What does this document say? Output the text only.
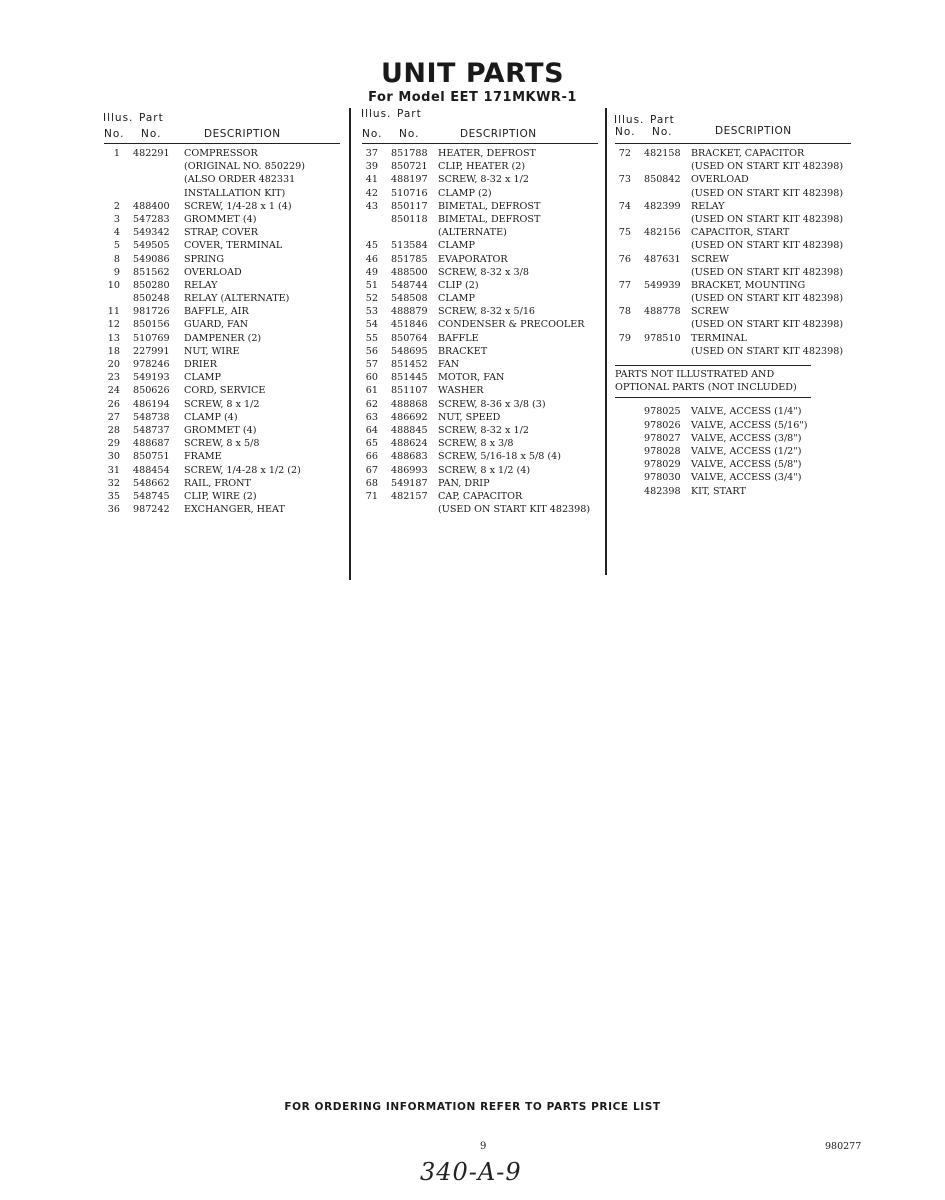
UNIT PARTS
For Model EET 171MKWR-1
Illus. Part
No. No.	DESCRIPTION
1 482291 COMPRESSOR
(ORIGINAL NO. 850229)
(ALSO ORDER 482331
INSTALLATION KIT)
2 488400 SCREW, 1/4-28 x 1 (4)
3 547283 GROMMET (4)
4 549342 STRAP, COVER
5 549505 COVER, TERMINAL
8 549086 SPRING
9 851562 OVERLOAD
10 850280 RELAY
850248 RELAY (ALTERNATE)
11 981726 BAFFLE, AIR
12 850156 GUARD, FAN
13 510769 DAMPENER (2)
18 227991 NUT, WIRE
20 978246 DRIER
23 549193 CLAMP
24 850626 CORD, SERVICE
26 486194 SCREW, 8 x 1/2
27 548738 CLAMP (4)
28 548737 GROMMET (4)
29 488687 SCREW, 8 x 5/8
30 850751 FRAME
31 488454 SCREW, 1/4-28 x 1/2 (2)
32 548662 RAIL, FRONT
35 548745 CLIP, WIRE (2)
36 987242 EXCHANGER, HEAT
Illus. Part
No. No.	DESCRIPTION
37 851788 HEATER, DEFROST
39 850721 CLIP, HEATER (2)
41 488197 SCREW, 8-32 x 1/2
42 510716 CLAMP (2)
43 850117 BIMETAL, DEFROST
850118 BIMETAL, DEFROST
(ALTERNATE)
45 513584 CLAMP
46 851785 EVAPORATOR
49 488500 SCREW, 8-32 x 3/8
51 548744 CLIP (2)
52 548508 CLAMP
53 488879 SCREW, 8-32 x 5/16
54 451846 CONDENSER & PRECOOLER
55 850764 BAFFLE
56 548695 BRACKET
57 851452 FAN
60 851445 MOTOR, FAN
61 851107 WASHER
62 488868 SCREW, 8-36 x 3/8 (3)
63 486692 NUT, SPEED
64 488845 SCREW, 8-32 x 1/2
65 488624 SCREW, 8 x 3/8
66 488683 SCREW, 5/16-18 x 5/8 (4)
67 486993 SCREW, 8 x 1/2 (4)
68 549187 PAN, DRIP
71 482157 CAP, CAPACITOR
(USED ON START KIT 482398)
Illus. Part
No. No.	DESCRIPTION
72 482158 BRACKET, CAPACITOR
(USED ON START KIT 482398)
73 850842 OVERLOAD
(USED ON START KIT 482398)
74 482399 RELAY
(USED ON START KIT 482398)
75 482156 CAPACITOR, START
(USED ON START KIT 482398)
76 487631 SCREW
(USED ON START KIT 482398)
77 549939 BRACKET, MOUNTING
(USED ON START KIT 482398)
78 488778 SCREW
(USED ON START KIT 482398)
79 978510 TERMINAL
(USED ON START KIT 482398)
PARTS NOT ILLUSTRATED AND
OPTIONAL PARTS (NOT INCLUDED)
978025 VALVE, ACCESS (1/4")
978026 VALVE, ACCESS (5/16")
978027 VALVE, ACCESS (3/8")
978028 VALVE, ACCESS (1/2")
978029 VALVE, ACCESS (5/8")
978030 VALVE, ACCESS (3/4")
482398 KIT, START
FOR ORDERING INFORMATION REFER TO PARTS PRICE LIST
9	980277
340-A-9
